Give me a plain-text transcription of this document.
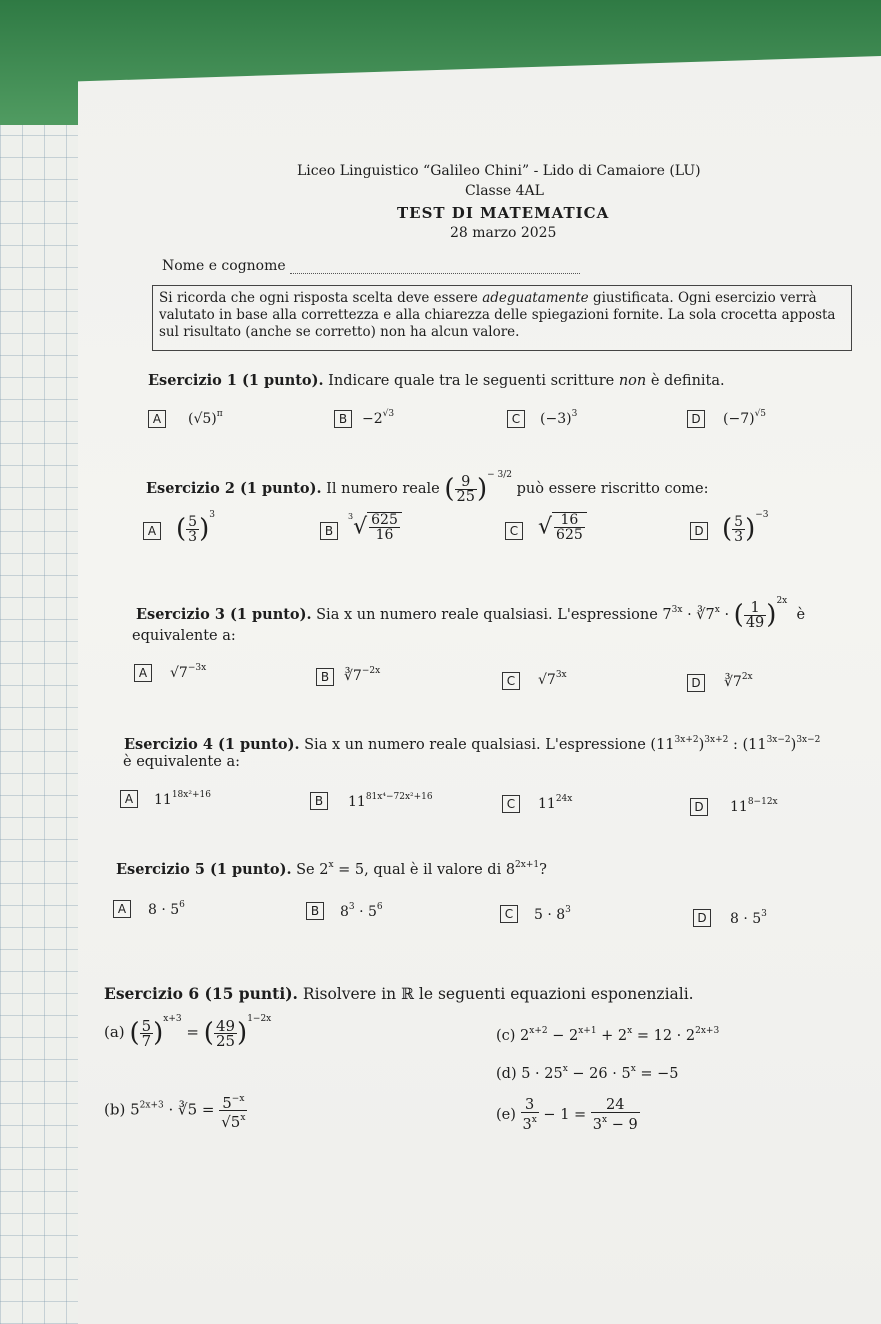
Liceo Linguistico “Galileo Chini” - Lido di Camaiore (LU)
Classe 4AL
TEST DI MATEMATICA
28 marzo 2025
Nome e cognome
Si ricorda che ogni risposta scelta deve essere adeguatamente giustificata. Ogni esercizio verrà valutato in base alla correttezza e alla chiarezza delle spiegazioni fornite. La sola crocetta apposta sul risultato (anche se corretto) non ha alcun valore.
Esercizio 1 (1 punto). Indicare quale tra le seguenti scritture non è definita.
A	$(√5)^\pi$	B	$-2^{√3}$	C	$(-3)^3$	D	$(-7)^{√5}$
Esercizio 2 (1 punto). Il numero reale ( $\frac{9}{25} )^{- 3/2}$ può essere riscritto come:
A ( $\frac{5}{3} )^3$
B
$^3√ \frac{625}{16}$	C √ $\frac{16}{625}$	D ( $\frac{5}{3} )^{-3}$
Esercizio 3 (1 punto). Sia x un numero reale qualsiasi. L'espressione $7^{3x}$ · $∛7^x$ · ( $\frac{1}{49} )^{2x}$  è
equivalente a:
A	$√7^{-3x}$
B	$∛7^{-2x}$
C	$√7^{3x}$
D	$∛7^{2x}$
Esercizio 4 (1 punto). Sia x un numero reale qualsiasi. L'espressione $(11^{3x+2})^{3x+2}$ : $(11^{3x-2})^{3x-2}$
è equivalente a:
A	$11^{18x^2+16}$	B	$11^{81x^4-72x^2+16}$	C	$11^{24x}$
D	$11^{8-12x}$
Esercizio 5 (1 punto). Se $2^x = 5$, qual è il valore di $8^{2x+1}$?
A	$8 \cdot 5^6$	B	$8^3 \cdot 5^6$	C	$5 \cdot 8^3$
D	$8 \cdot 5^3$
Esercizio 6 (15 punti). Risolvere in ℝ le seguenti equazioni esponenziali.
(a) ( $\frac{5}{7} )^{x+3}$ = ( $\frac{49}{25} )^{1-2x}$
(b) $5^{2x+3}$ · ∛5 = $\frac{5^{-x}}{√5^x}$
(c) $2^{x+2} - 2^{x+1} + 2^x = 12 \cdot 2^{2x+3}$
(d) $5 \cdot 25^x - 26 \cdot 5^x = -5$
$(e) \frac{3}{3^x} - 1 = \frac{24}{3^x - 9}$
